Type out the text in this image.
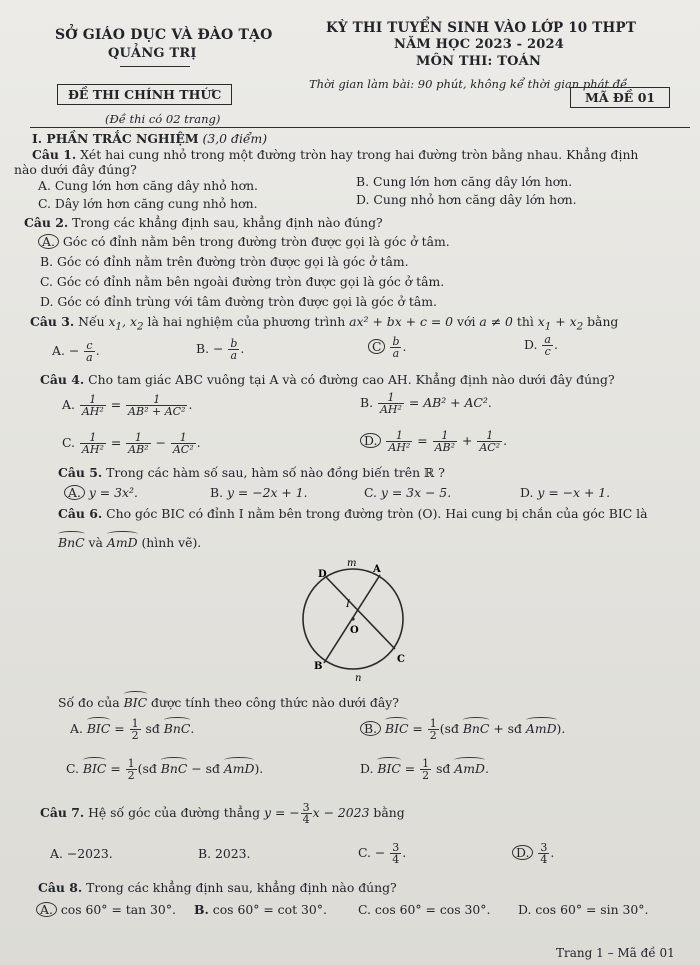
SỞ GIÁO DỤC VÀ ĐÀO TẠO
QUẢNG TRỊ
KỲ THI TUYỂN SINH VÀO LỚP 10 THPT
NĂM HỌC 2023 - 2024
MÔN THI: TOÁN
ĐỀ THI CHÍNH THỨC
(Đề thi có 02 trang)
Thời gian làm bài: 90 phút, không kể thời gian phát đề
MÃ ĐỀ 01
I. PHẦN TRẮC NGHIỆM (3,0 điểm)
Câu 1. Xét hai cung nhỏ trong một đường tròn hay trong hai đường tròn bằng nhau. Khẳng định
nào dưới đây đúng?
A. Cung lớn hơn căng dây nhỏ hơn.	B. Cung lớn hơn căng dây lớn hơn.
C. Dây lớn hơn căng cung nhỏ hơn.	D. Cung nhỏ hơn căng dây lớn hơn.
Câu 2. Trong các khẳng định sau, khẳng định nào đúng?
A. Góc có đỉnh nằm bên trong đường tròn được gọi là góc ở tâm.
B. Góc có đỉnh nằm trên đường tròn được gọi là góc ở tâm.
C. Góc có đỉnh nằm bên ngoài đường tròn được gọi là góc ở tâm.
D. Góc có đỉnh trùng với tâm đường tròn được gọi là góc ở tâm.
Câu 3. Nếu $x_1$, $x_2$ là hai nghiệm của phương trình ax² + bx + c = 0 với a ≠ 0 thì $x_1 + x_2$ bằng
A. − $\frac{c}{a}$ .	B. − $\frac{b}{a}$ .	C $\frac{b}{a}$ .	D. $\frac{a}{c}$ .
Câu 4. Cho tam giác ABC vuông tại A và có đường cao AH. Khẳng định nào dưới đây đúng?
A. $\frac{1}{\text{AH²}} = \frac{1}{\text{AB² + AC²}}$ .	B. $\frac{1}{\text{AH²}} = AB^2 + AC^2$.
C. $\frac{1}{\text{AH²}} = \frac{1}{\text{AB²}} - \frac{1}{\text{AC²}}$ .	D. $\frac{1}{\text{AH²}} = \frac{1}{\text{AB²}} + \frac{1}{\text{AC²}}$ .
Câu 5. Trong các hàm số sau, hàm số nào đồng biến trên ℝ ?
A. y = 3x².	B. y = −2x + 1.	C. y = 3x − 5.	D. y = −x + 1.
Câu 6. Cho góc BIC có đỉnh I nằm bên trong đường tròn (O). Hai cung bị chắn của góc BIC là
BnC và AmD (hình vẽ).
D
m
A
I
O
B
C
n
Số đo của BIC được tính theo công thức nào dưới đây?
A. BIC = $\frac{1}{2}$ sđ BnC.	B. BIC = $\frac{1}{2}$ (sđ BnC + sđ AmD).
C. BIC = $\frac{1}{2}$ (sđ BnC − sđ AmD).	D. BIC = $\frac{1}{2}$ sđ AmD.
Câu 7. Hệ số góc của đường thẳng y = − $\frac{3}{4}$ x − 2023 bằng
A. −2023.	B. 2023.	C. − $\frac{3}{4}$ .	D. $\frac{3}{4}$ .
Câu 8. Trong các khẳng định sau, khẳng định nào đúng?
A. cos 60° = tan 30°. B. cos 60° = cot 30°.	C. cos 60° = cos 30°. D. cos 60° = sin 30°.
Trang 1 – Mã đề 01
